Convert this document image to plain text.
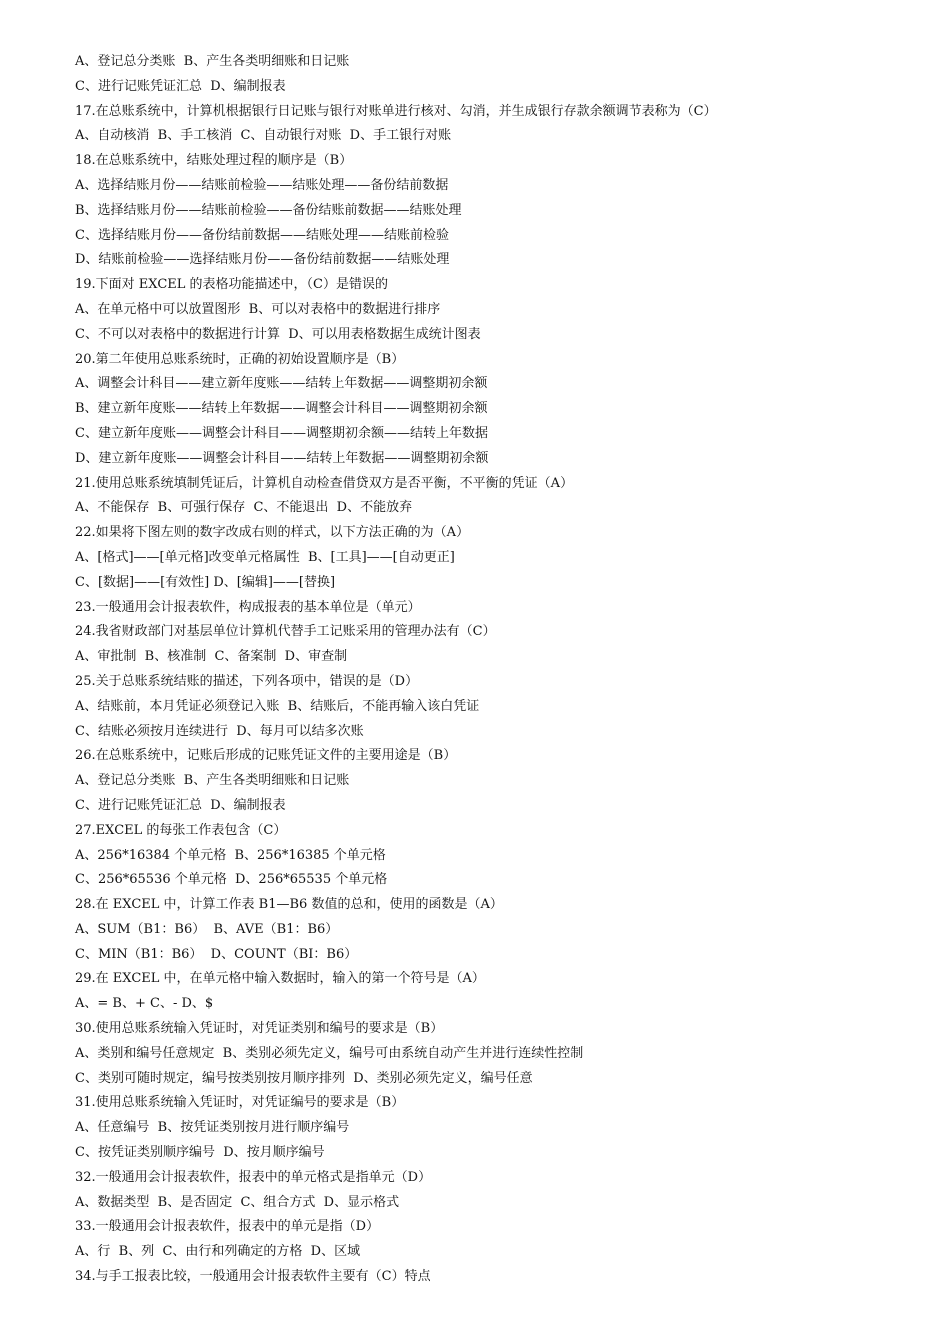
A、登记总分类账  B、产生各类明细账和日记账
C、进行记账凭证汇总  D、编制报表
17.在总账系统中，计算机根据银行日记账与银行对账单进行核对、勾消，并生成银行存款余额调节表称为（C）
A、自动核消  B、手工核消  C、自动银行对账  D、手工银行对账
18.在总账系统中，结账处理过程的顺序是（B）
A、选择结账月份——结账前检验——结账处理——备份结前数据
B、选择结账月份——结账前检验——备份结账前数据——结账处理
C、选择结账月份——备份结前数据——结账处理——结账前检验
D、结账前检验——选择结账月份——备份结前数据——结账处理
19.下面对 EXCEL 的表格功能描述中，（C）是错误的
A、在单元格中可以放置图形  B、可以对表格中的数据进行排序
C、不可以对表格中的数据进行计算  D、可以用表格数据生成统计图表
20.第二年使用总账系统时，正确的初始设置顺序是（B）
A、调整会计科目——建立新年度账——结转上年数据——调整期初余额
B、建立新年度账——结转上年数据——调整会计科目——调整期初余额
C、建立新年度账——调整会计科目——调整期初余额——结转上年数据
D、建立新年度账——调整会计科目——结转上年数据——调整期初余额
21.使用总账系统填制凭证后，计算机自动检查借贷双方是否平衡，不平衡的凭证（A）
A、不能保存  B、可强行保存  C、不能退出  D、不能放弃
22.如果将下图左则的数字改成右则的样式，以下方法正确的为（A）
A、[格式]——[单元格]改变单元格属性  B、[工具]——[自动更正]
C、[数据]——[有效性] D、[编辑]——[替换]
23.一般通用会计报表软件，构成报表的基本单位是（单元）
24.我省财政部门对基层单位计算机代替手工记账采用的管理办法有（C）
A、审批制  B、核准制  C、备案制  D、审查制
25.关于总账系统结账的描述，下列各项中，错误的是（D）
A、结账前，本月凭证必须登记入账  B、结账后，不能再输入该白凭证
C、结账必须按月连续进行  D、每月可以结多次账
26.在总账系统中，记账后形成的记账凭证文件的主要用途是（B）
A、登记总分类账  B、产生各类明细账和日记账
C、进行记账凭证汇总  D、编制报表
27.EXCEL 的每张工作表包含（C）
A、256*16384 个单元格  B、256*16385 个单元格
C、256*65536 个单元格  D、256*65535 个单元格
28.在 EXCEL 中，计算工作表 B1—B6 数值的总和，使用的函数是（A）
A、SUM（B1：B6）  B、AVE（B1：B6）
C、MIN（B1：B6）  D、COUNT（BI：B6）
29.在 EXCEL 中，在单元格中输入数据时，输入的第一个符号是（A）
A、= B、+ C、- D、$
30.使用总账系统输入凭证时，对凭证类别和编号的要求是（B）
A、类别和编号任意规定  B、类别必须先定义，编号可由系统自动产生并进行连续性控制
C、类别可随时规定，编号按类别按月顺序排列  D、类别必须先定义，编号任意
31.使用总账系统输入凭证时，对凭证编号的要求是（B）
A、任意编号  B、按凭证类别按月进行顺序编号
C、按凭证类别顺序编号  D、按月顺序编号
32.一般通用会计报表软件，报表中的单元格式是指单元（D）
A、数据类型  B、是否固定  C、组合方式  D、显示格式
33.一般通用会计报表软件，报表中的单元是指（D）
A、行  B、列  C、由行和列确定的方格  D、区域
34.与手工报表比较，一般通用会计报表软件主要有（C）特点
